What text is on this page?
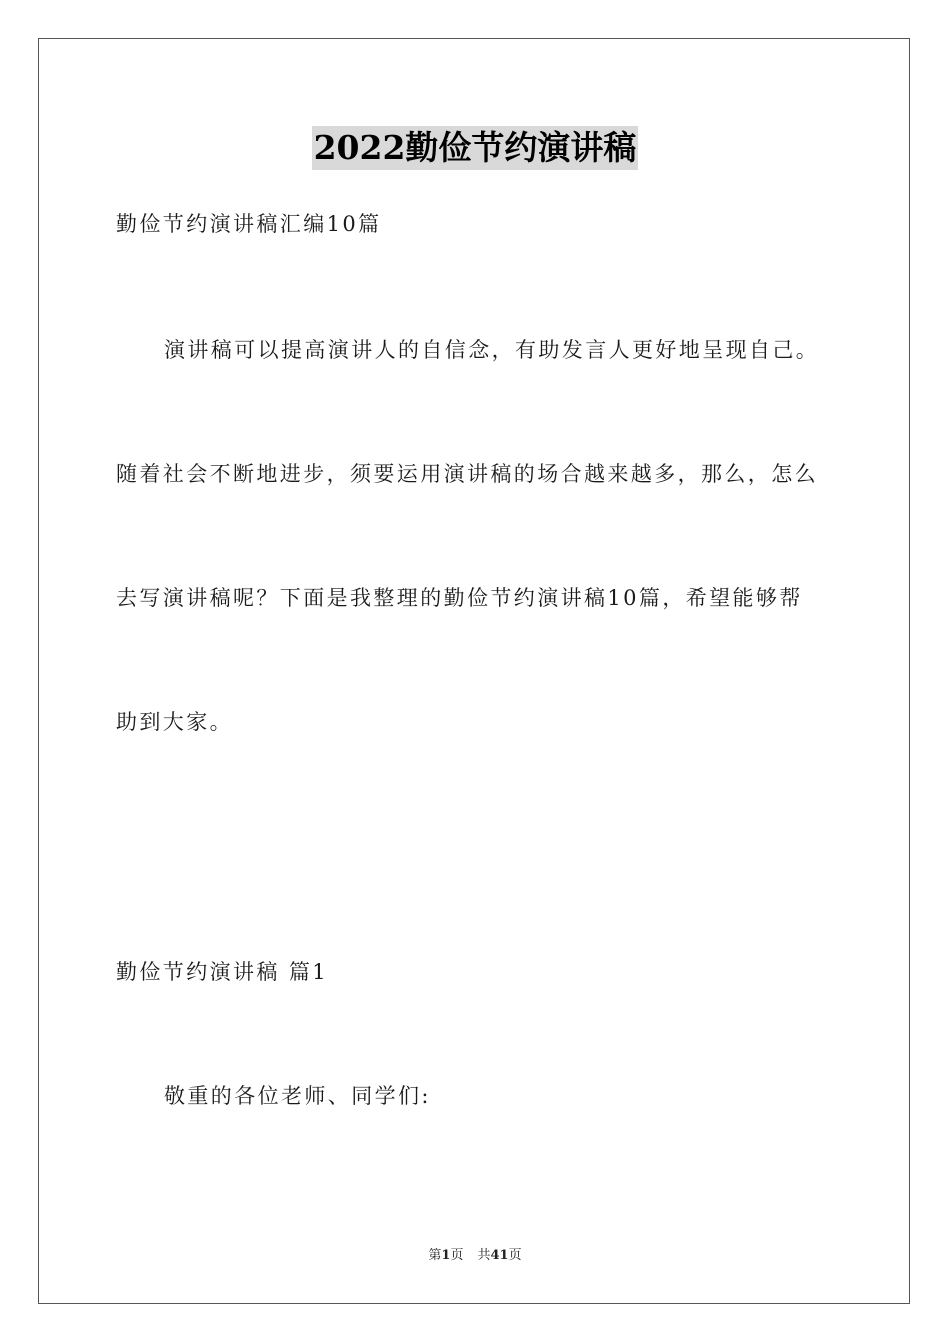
2022勤俭节约演讲稿
勤俭节约演讲稿汇编10篇
演讲稿可以提高演讲人的自信念，有助发言人更好地呈现自己。
随着社会不断地进步，须要运用演讲稿的场合越来越多，那么，怎么
去写演讲稿呢？下面是我整理的勤俭节约演讲稿10篇，希望能够帮
助到大家。
勤俭节约演讲稿 篇1
敬重的各位老师、同学们:
第1页 共41页
